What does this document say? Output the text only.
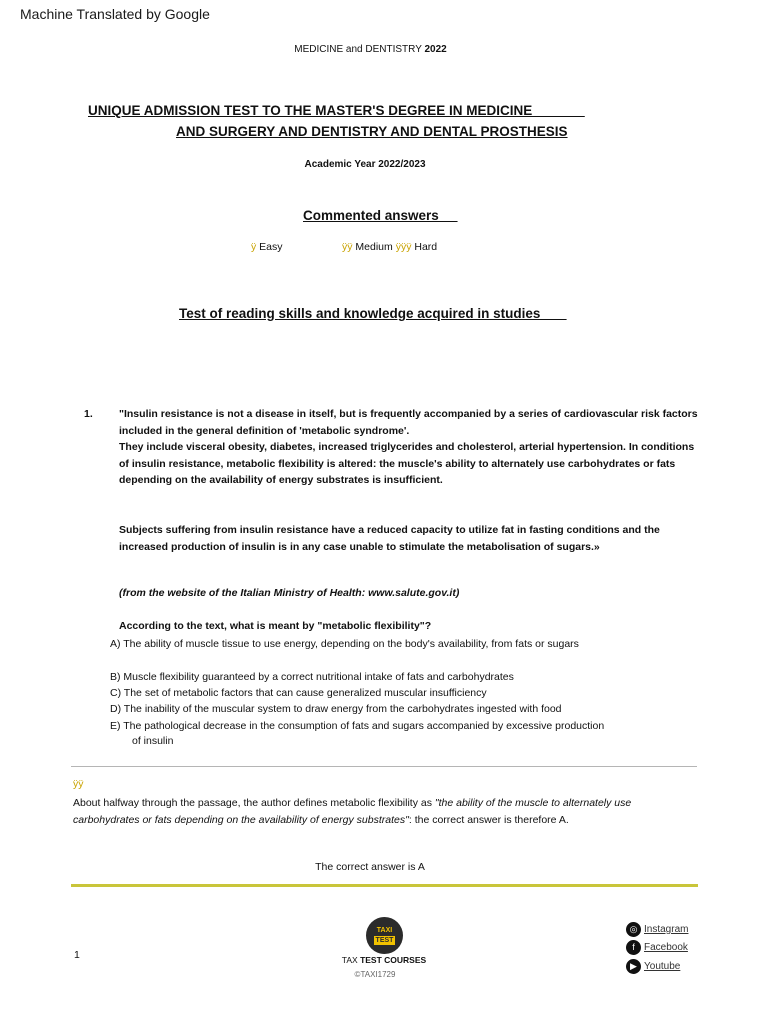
Machine Translated by Google
MEDICINE and DENTISTRY 2022
UNIQUE ADMISSION TEST TO THE MASTER'S DEGREE IN MEDICINE
AND SURGERY AND DENTISTRY AND DENTAL PROSTHESIS
Academic Year 2022/2023
Commented answers
ÿ Easy	ÿÿ Medium ÿÿÿ Hard
Test of reading skills and knowledge acquired in studies
1. "Insulin resistance is not a disease in itself, but is frequently accompanied by a series of cardiovascular risk factors included in the general definition of 'metabolic syndrome'.
They include visceral obesity, diabetes, increased triglycerides and cholesterol, arterial hypertension. In conditions of insulin resistance, metabolic flexibility is altered: the muscle's ability to alternately use carbohydrates or fats depending on the availability of energy substrates is insufficient.
Subjects suffering from insulin resistance have a reduced capacity to utilize fat in fasting conditions and the increased production of insulin is in any case unable to stimulate the metabolisation of sugars.»
(from the website of the Italian Ministry of Health: www.salute.gov.it)
According to the text, what is meant by "metabolic flexibility"?
A) The ability of muscle tissue to use energy, depending on the body's availability, from fats or sugars
B) Muscle flexibility guaranteed by a correct nutritional intake of fats and carbohydrates
C) The set of metabolic factors that can cause generalized muscular insufficiency
D) The inability of the muscular system to draw energy from the carbohydrates ingested with food
E) The pathological decrease in the consumption of fats and sugars accompanied by excessive production
of insulin
ÿÿ
About halfway through the passage, the author defines metabolic flexibility as "the ability of the muscle to alternately use carbohydrates or fats depending on the availability of energy substrates": the correct answer is therefore A.
The correct answer is A
1
TAXI
TEST
TAX TEST COURSES
©TAXI1729
◎ Instagram
f Facebook
▶ Youtube
